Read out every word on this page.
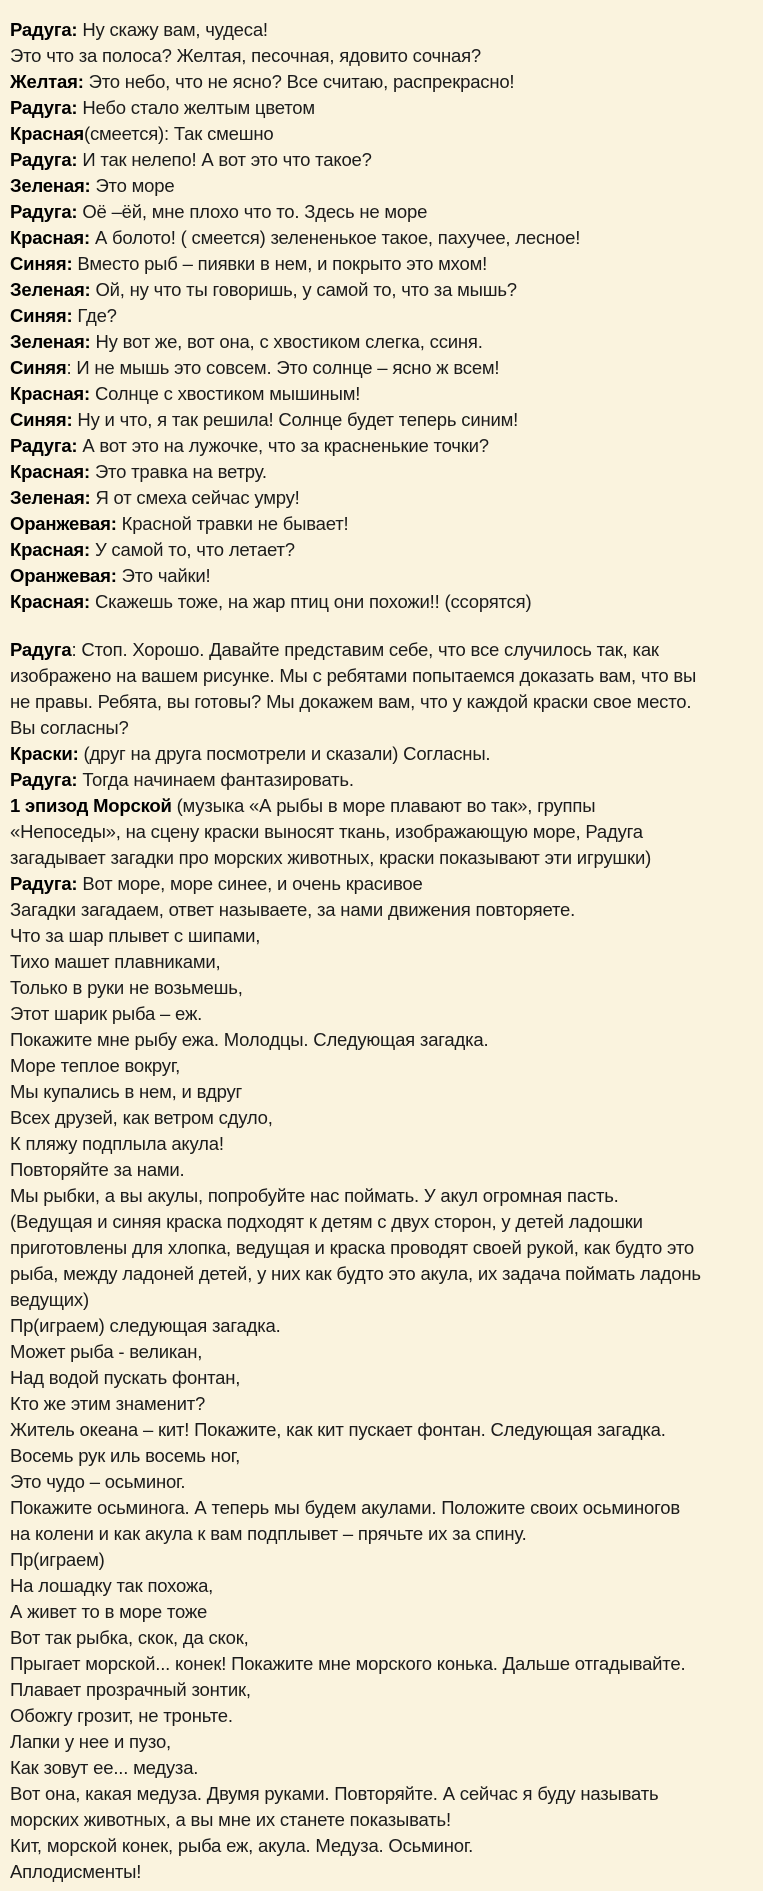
Радуга: Ну скажу вам, чудеса!
Это что за полоса? Желтая, песочная, ядовито сочная?
Желтая: Это небо, что не ясно? Все считаю, распрекрасно!
Радуга: Небо стало желтым цветом
Красная(смеется): Так смешно
Радуга: И так нелепо! А вот это что такое?
Зеленая: Это море
Радуга: Оё –ёй, мне плохо что то. Здесь не море
Красная: А болото! ( смеется) зелененькое такое, пахучее, лесное!
Синяя: Вместо рыб – пиявки в нем, и покрыто это мхом!
Зеленая: Ой, ну что ты говоришь, у самой то, что за мышь?
Синяя: Где?
Зеленая: Ну вот же, вот она, с хвостиком слегка, ссиня.
Синяя: И не мышь это совсем. Это солнце – ясно ж всем!
Красная: Солнце с хвостиком мышиным!
Синяя: Ну и что, я так решила! Солнце будет теперь синим!
Радуга: А вот это на лужочке, что за красненькие точки?
Красная: Это травка на ветру.
Зеленая: Я от смеха сейчас умру!
Оранжевая: Красной травки не бывает!
Красная: У самой то, что летает?
Оранжевая: Это чайки!
Красная: Скажешь тоже, на жар птиц они похожи!! (ссорятся)
Радуга: Стоп. Хорошо. Давайте представим себе, что все случилось так, как
изображено на вашем рисунке. Мы с ребятами попытаемся доказать вам, что вы
не правы. Ребята, вы готовы? Мы докажем вам, что у каждой краски свое место.
Вы согласны?
Краски: (друг на друга посмотрели и сказали) Согласны.
Радуга: Тогда начинаем фантазировать.
1 эпизод Морской (музыка «А рыбы в море плавают во так», группы
«Непоседы», на сцену краски выносят ткань, изображающую море, Радуга
загадывает загадки про морских животных, краски показывают эти игрушки)
Радуга: Вот море, море синее, и очень красивое
Загадки загадаем, ответ называете, за нами движения повторяете.
Что за шар плывет с шипами,
Тихо машет плавниками,
Только в руки не возьмешь,
Этот шарик рыба – еж.
Покажите мне рыбу ежа. Молодцы. Следующая загадка.
Море теплое вокруг,
Мы купались в нем, и вдруг
Всех друзей, как ветром сдуло,
К пляжу подплыла акула!
Повторяйте за нами.
Мы рыбки, а вы акулы, попробуйте нас поймать. У акул огромная пасть.
(Ведущая и синяя краска подходят к детям с двух сторон, у детей ладошки
приготовлены для хлопка, ведущая и краска проводят своей рукой, как будто это
рыба, между ладоней детей, у них как будто это акула, их задача поймать ладонь
ведущих)
Пр(играем) следующая загадка.
Может рыба - великан,
Над водой пускать фонтан,
Кто же этим знаменит?
Житель океана – кит! Покажите, как кит пускает фонтан. Следующая загадка.
Восемь рук иль восемь ног,
Это чудо – осьминог.
Покажите осьминога. А теперь мы будем акулами. Положите своих осьминогов
на колени и как акула к вам подплывет – прячьте их за спину.
Пр(играем)
На лошадку так похожа,
А живет то в море тоже
Вот так рыбка, скок, да скок,
Прыгает морской... конек! Покажите мне морского конька. Дальше отгадывайте.
Плавает прозрачный зонтик,
Обожгу грозит, не троньте.
Лапки у нее и пузо,
Как зовут ее... медуза.
Вот она, какая медуза. Двумя руками. Повторяйте. А сейчас я буду называть
морских животных, а вы мне их станете показывать!
Кит, морской конек, рыба еж, акула. Медуза. Осьминог.
Аплодисменты!
